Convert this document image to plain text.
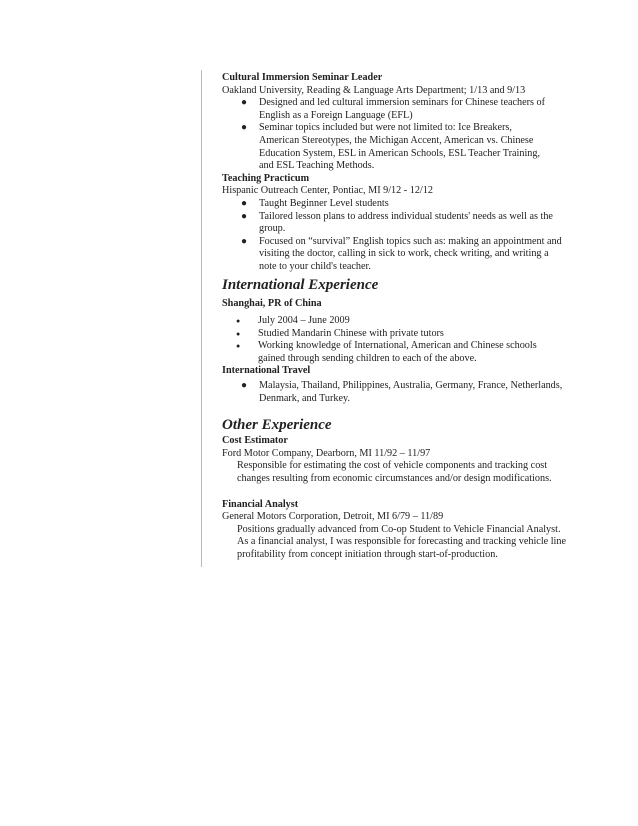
Cultural Immersion Seminar Leader
Oakland University, Reading & Language Arts Department; 1/13 and 9/13
● Designed and led cultural immersion seminars for Chinese teachers of English as a Foreign Language (EFL)
● Seminar topics included but were not limited to: Ice Breakers, American Stereotypes, the Michigan Accent, American vs. Chinese Education System, ESL in American Schools, ESL Teacher Training, and ESL Teaching Methods.
Teaching Practicum
Hispanic Outreach Center, Pontiac, MI 9/12 - 12/12
● Taught Beginner Level students
● Tailored lesson plans to address individual students' needs as well as the group.
● Focused on “survival” English topics such as: making an appointment and visiting the doctor, calling in sick to work, check writing, and writing a note to your child's teacher.
International Experience
Shanghai, PR of China
● July 2004 – June 2009
● Studied Mandarin Chinese with private tutors
● Working knowledge of International, American and Chinese schools gained through sending children to each of the above.
International Travel
● Malaysia, Thailand, Philippines, Australia, Germany, France, Netherlands, Denmark, and Turkey.
Other Experience
Cost Estimator
Ford Motor Company, Dearborn, MI 11/92 – 11/97
Responsible for estimating the cost of vehicle components and tracking cost changes resulting from economic circumstances and/or design modifications.
Financial Analyst
General Motors Corporation, Detroit, MI 6/79 – 11/89
Positions gradually advanced from Co-op Student to Vehicle Financial Analyst. As a financial analyst, I was responsible for forecasting and tracking vehicle line profitability from concept initiation through start-of-production.
